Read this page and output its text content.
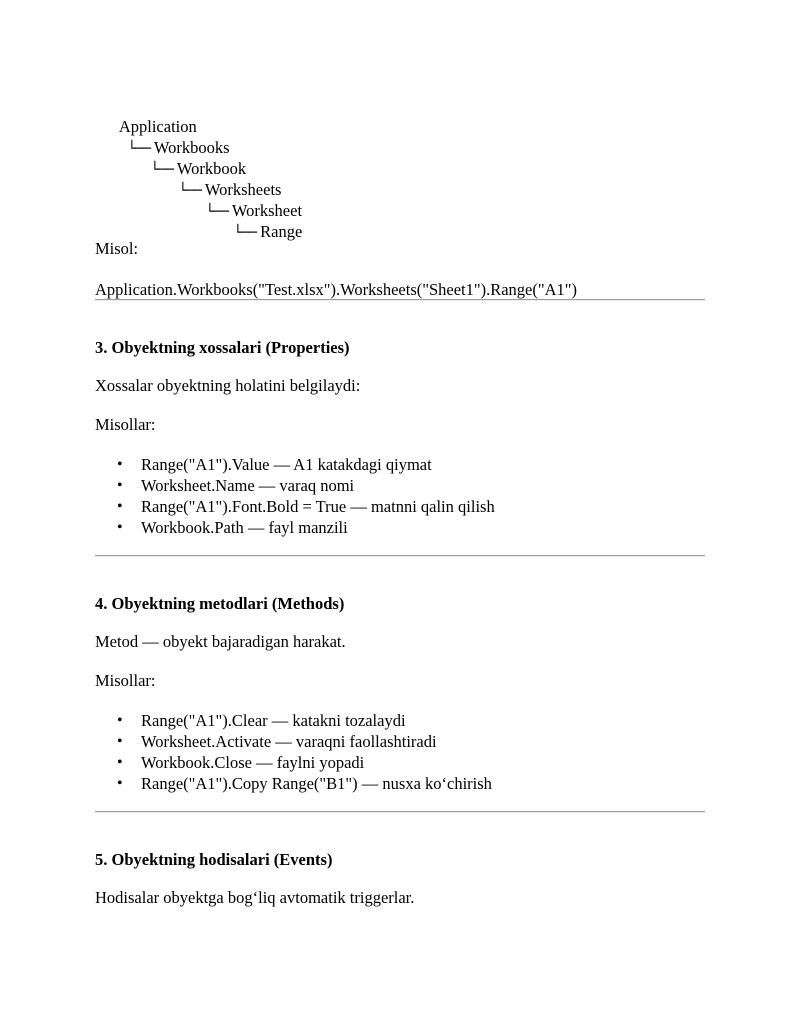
Application

└── Workbooks

└── Workbook

└── Worksheets

└── Worksheet

└── Range

Misol:
Application.Workbooks("Test.xlsx").Worksheets("Sheet1").Range("A1")
3. Obyektning xossalari (Properties)
Xossalar obyektning holatini belgilaydi:
Misollar:
• Range("A1").Value — A1 katakdagi qiymat
• Worksheet.Name — varaq nomi
• Range("A1").Font.Bold = True — matnni qalin qilish
• Workbook.Path — fayl manzili
4. Obyektning metodlari (Methods)
Metod — obyekt bajaradigan harakat.
Misollar:
• Range("A1").Clear — katakni tozalaydi
• Worksheet.Activate — varaqni faollashtiradi
• Workbook.Close — faylni yopadi
• Range("A1").Copy Range("B1") — nusxa ko‘chirish
5. Obyektning hodisalari (Events)
Hodisalar obyektga bog‘liq avtomatik triggerlar.
